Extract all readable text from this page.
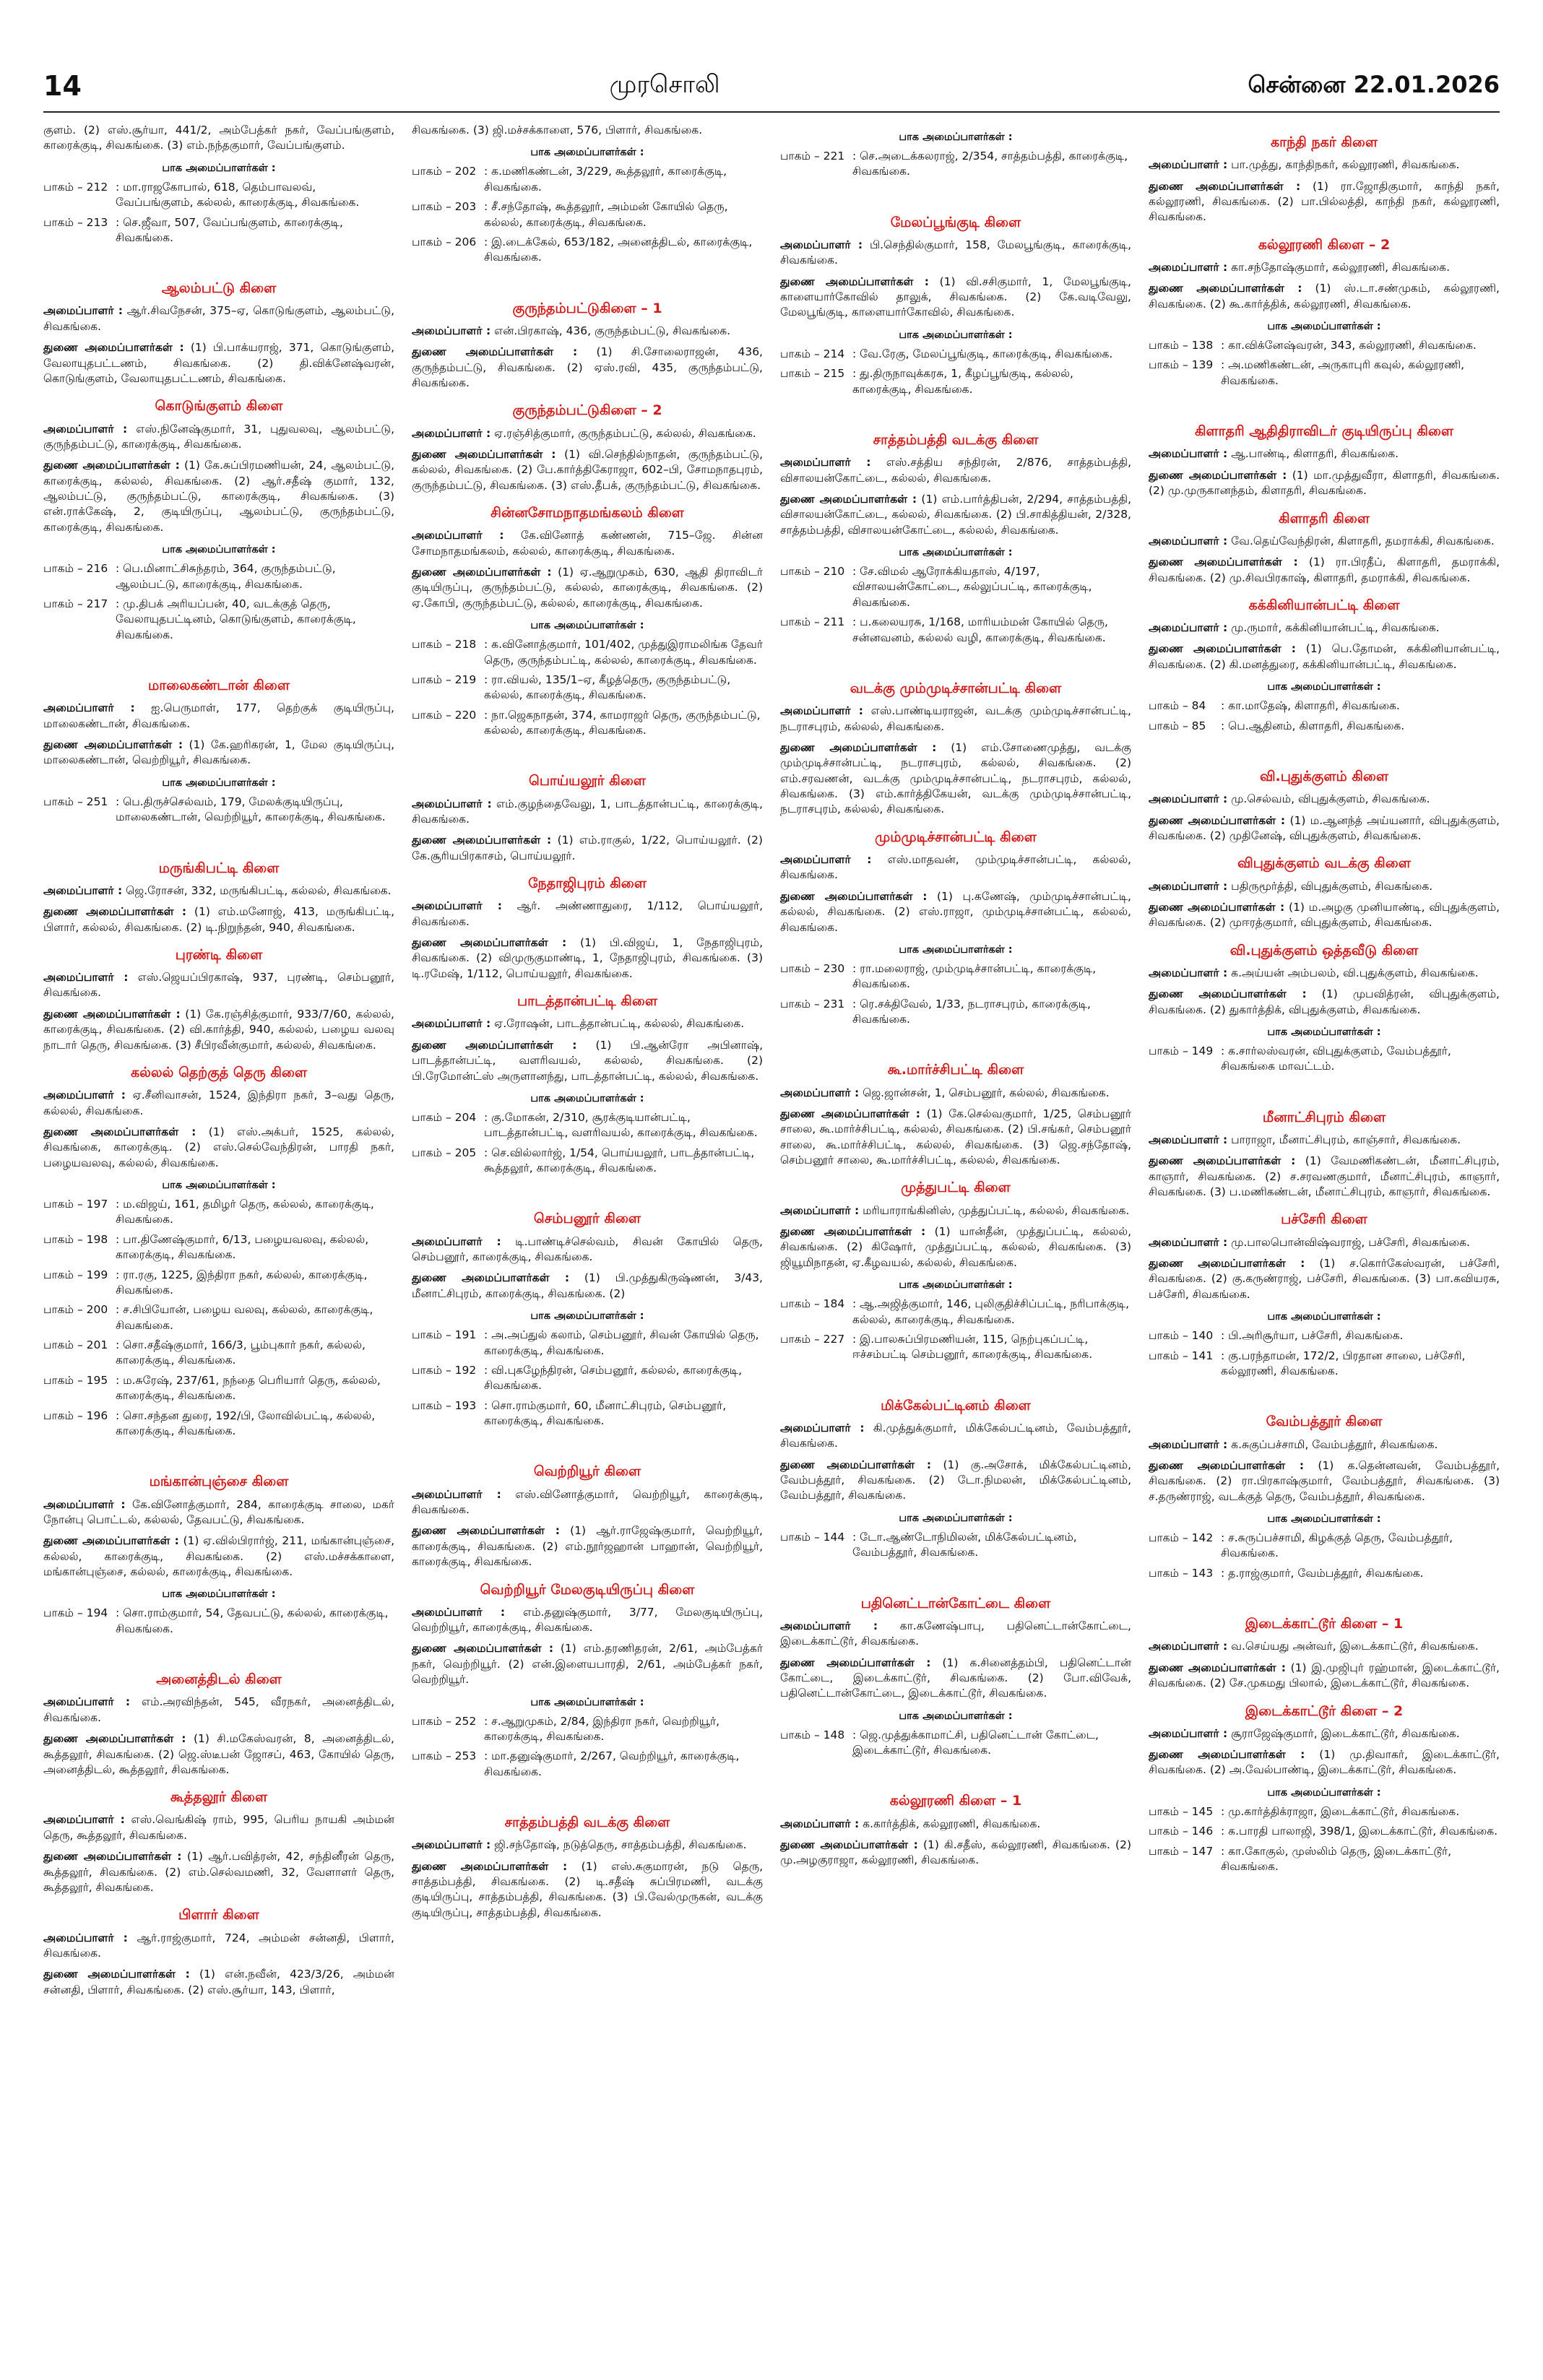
14	முரசொலி	சென்னை 22.01.2026

குளம். (2) எஸ்.சூர்யா, 441/2, அம்பேத்கர் நகர், வேப்பங்குளம், காரைக்குடி, சிவகங்கை. (3) எம்.நந்தகுமார், வேப்பங்குளம்.

பாக அமைப்பாளர்கள் :
பாகம் – 212 : மா.ராஜகோபால், 618, தெம்பாவலவ், வேப்பங்குளம், கல்லல், காரைக்குடி, சிவகங்கை.
பாகம் – 213 : செ.ஜீவா, 507, வேப்பங்குளம், காரைக்குடி, சிவகங்கை.
ஆலம்பட்டு கிளை

அமைப்பாளர் : ஆர்.சிவநேசன், 375–ஏ, கொடுங்குளம், ஆலம்பட்டு, சிவகங்கை.

துணை அமைப்பாளர்கள் : (1) பி.பாக்யராஜ், 371, கொடுங்குளம், வேலாயுதபட்டணம், சிவகங்கை. (2) தி.விக்னேஷ்வரன், கொடுங்குளம், வேலாயுதபட்டணம், சிவகங்கை.

கொடுங்குளம் கிளை

அமைப்பாளர் : எஸ்.நினேஷ்குமார், 31, புதுவலவு, ஆலம்பட்டு, குருந்தம்பட்டு, காரைக்குடி, சிவகங்கை.

துணை அமைப்பாளர்கள் : (1) கே.சுப்பிரமணியன், 24, ஆலம்பட்டு, காரைக்குடி, கல்லல், சிவகங்கை. (2) ஆர்.சதீஷ் குமார், 132, ஆலம்பட்டு, குருந்தம்பட்டு, காரைக்குடி, சிவகங்கை. (3) என்.ராக்கேஷ், 2, குடியிருப்பு, ஆலம்பட்டு, குருந்தம்பட்டு, காரைக்குடி, சிவகங்கை.

பாக அமைப்பாளர்கள் :
பாகம் – 216 : பெ.மினாட்சிசுந்தரம், 364, குருந்தம்பட்டு, ஆலம்பட்டு, காரைக்குடி, சிவகங்கை.
பாகம் – 217 : மு.திபக் அரியப்பன், 40, வடக்குத் தெரு, வேலாயுதபட்டினம், கொடுங்குளம், காரைக்குடி, சிவகங்கை.
மாலைகண்டான் கிளை

அமைப்பாளர் : ஐ.பெருமாள், 177, தெற்குக் குடியிருப்பு, மாலைகண்டான், சிவகங்கை.

துணை அமைப்பாளர்கள் : (1) கே.ஹரிகரன், 1, மேல குடியிருப்பு, மாலைகண்டான், வெற்றியூர், சிவகங்கை.

பாக அமைப்பாளர்கள் :
பாகம் – 251 : பெ.திருச்செல்வம், 179, மேலக்குடியிருப்பு, மாலைகண்டான், வெற்றியூர், காரைக்குடி, சிவகங்கை.
மருங்கிபட்டி கிளை

அமைப்பாளர் : ஜெ.ரோசன், 332, மருங்கிபட்டி, கல்லல், சிவகங்கை.

துணை அமைப்பாளர்கள் : (1) எம்.மனோஜ், 413, மருங்கிபட்டி, பிளார், கல்லல், சிவகங்கை. (2) டி.நிறுந்தன், 940, சிவகங்கை.

புரண்டி கிளை

அமைப்பாளர் : எஸ்.ஜெயப்பிரகாஷ், 937, புரண்டி, செம்பனூர், சிவகங்கை.

துணை அமைப்பாளர்கள் : (1) கே.ரஞ்சித்குமார், 933/7/60, கல்லல், காரைக்குடி, சிவகங்கை. (2) வி.கார்த்தி, 940, கல்லல், பழைய வலவு நாடார் தெரு, சிவகங்கை. (3) சீபிரவீன்குமார், கல்லல், சிவகங்கை.

கல்லல் தெற்குத் தெரு கிளை

அமைப்பாளர் : ஏ.சீனிவாசன், 1524, இந்திரா நகர், 3–வது தெரு, கல்லல், சிவகங்கை.

துணை அமைப்பாளர்கள் : (1) எஸ்.அக்பர், 1525, கல்லல், சிவகங்கை, காரைக்குடி. (2) எஸ்.செல்வேந்திரன், பாரதி நகர், பழையவலவு, கல்லல், சிவகங்கை.

பாக அமைப்பாளர்கள் :
பாகம் – 197 : ம.விஜய், 161, தமிழர் தெரு, கல்லல், காரைக்குடி, சிவகங்கை.
பாகம் – 198 : பா.திணேஷ்குமார், 6/13, பழையவலவு, கல்லல், காரைக்குடி, சிவகங்கை.
பாகம் – 199 : ரா.ரகு, 1225, இந்திரா நகர், கல்லல், காரைக்குடி, சிவகங்கை.
பாகம் – 200 : ச.சிபியோன், பழைய வலவு, கல்லல், காரைக்குடி, சிவகங்கை.
பாகம் – 201 : சொ.சதீஷ்குமார், 166/3, பூம்புகார் நகர், கல்லல், காரைக்குடி, சிவகங்கை.
பாகம் – 195 : ம.சுரேஷ், 237/61, நந்தை பெரியார் தெரு, கல்லல், காரைக்குடி, சிவகங்கை.
பாகம் – 196 : சொ.சந்தன துரை, 192/பி, லோவில்பட்டி, கல்லல், காரைக்குடி, சிவகங்கை.
மங்கான்புஞ்சை கிளை

அமைப்பாளர் : கே.வினோத்குமார், 284, காரைக்குடி சாலை, மகர் நோன்பு பொட்டல், கல்லல், தேவபட்டு, சிவகங்கை.

துணை அமைப்பாளர்கள் : (1) ஏ.வில்பிரார்ஜ், 211, மங்கான்புஞ்சை, கல்லல், காரைக்குடி, சிவகங்கை. (2) எஸ்.மச்சக்காளை, மங்கான்புஞ்சை, கல்லல், காரைக்குடி, சிவகங்கை.

பாக அமைப்பாளர்கள் :
பாகம் – 194 : சொ.ராம்குமார், 54, தேவபட்டு, கல்லல், காரைக்குடி, சிவகங்கை.
அனைத்திடல் கிளை

அமைப்பாளர் : எம்.அரவிந்தன், 545, வீரநகர், அனைத்திடல், சிவகங்கை.

துணை அமைப்பாளர்கள் : (1) சி.மகேஸ்வரன், 8, அனைத்திடல், கூத்தலூர், சிவகங்கை. (2) ஜெ.ஸ்டீபன் ஜோசப், 463, கோயில் தெரு, அனைத்திடல், கூத்தலூர், சிவகங்கை.

கூத்தலூர் கிளை

அமைப்பாளர் : எஸ்.வெங்கிஷ் ராம், 995, பெரிய நாயகி அம்மன் தெரு, கூத்தலூர், சிவகங்கை.

துணை அமைப்பாளர்கள் : (1) ஆர்.பவித்ரன், 42, சந்தினீரன் தெரு, கூத்தலூர், சிவகங்கை. (2) எம்.செல்வமணி, 32, வேளாளர் தெரு, கூத்தலூர், சிவகங்கை.

பிளார் கிளை

அமைப்பாளர் : ஆர்.ராஜ்குமார், 724, அம்மன் சன்னதி, பிளார், சிவகங்கை.

துணை அமைப்பாளர்கள் : (1) என்.நவீன், 423/3/26, அம்மன் சன்னதி, பிளார், சிவகங்கை. (2) எஸ்.சூர்யா, 143, பிளார்,

சிவகங்கை. (3) ஜி.மச்சக்காளை, 576, பிளார், சிவகங்கை.

பாக அமைப்பாளர்கள் :
பாகம் – 202 : க.மணிகண்டன், 3/229, கூத்தலூர், காரைக்குடி, சிவகங்கை.
பாகம் – 203 : சீ.சந்தோஷ், கூத்தலூர், அம்மன் கோயில் தெரு, கல்லல், காரைக்குடி, சிவகங்கை.
பாகம் – 206 : இ.டைக்கேல், 653/182, அனைத்திடல், காரைக்குடி, சிவகங்கை.
குருந்தம்பட்டுகிளை – 1

அமைப்பாளர் : என்.பிரகாஷ், 436, குருந்தம்பட்டு, சிவகங்கை.

துணை அமைப்பாளர்கள் : (1) சி.சோலைராஜன், 436, குருந்தம்பட்டு, சிவகங்கை. (2) ஏஸ்.ரவி, 435, குருந்தம்பட்டு, சிவகங்கை.

குருந்தம்பட்டுகிளை – 2

அமைப்பாளர் : ஏ.ரஞ்சித்குமார், குருந்தம்பட்டு, கல்லல், சிவகங்கை.

துணை அமைப்பாளர்கள் : (1) வி.செந்தில்நாதன், குருந்தம்பட்டு, கல்லல், சிவகங்கை. (2) பே.கார்த்திகேராஜா, 602–பி, சோமநாதபுரம், குருந்தம்பட்டு, சிவகங்கை. (3) எஸ்.தீபக், குருந்தம்பட்டு, சிவகங்கை.

சின்னசோமநாதமங்கலம் கிளை

அமைப்பாளர் : கே.வினோத் கண்ணன், 715–ஜே. சின்ன சோமநாதமங்கலம், கல்லல், காரைக்குடி, சிவகங்கை.

துணை அமைப்பாளர்கள் : (1) ஏ.ஆறுமுகம், 630, ஆதி திராவிடர் குடியிருப்பு, குருந்தம்பட்டு, கல்லல், காரைக்குடி, சிவகங்கை. (2) ஏ.கோபி, குருந்தம்பட்டு, கல்லல், காரைக்குடி, சிவகங்கை.

பாக அமைப்பாளர்கள் :
பாகம் – 218 : க.வினோத்குமார், 101/402, முத்துஇராமலிங்க தேவர் தெரு, குருந்தம்பட்டி, கல்லல், காரைக்குடி, சிவகங்கை.
பாகம் – 219 : ரா.வியல், 135/1–ஏ, கீழத்தெரு, குருந்தம்பட்டு, கல்லல், காரைக்குடி, சிவகங்கை.
பாகம் – 220 : நா.ஜெகநாதன், 374, காமராஜர் தெரு, குருந்தம்பட்டு, கல்லல், காரைக்குடி, சிவகங்கை.
பொய்யலூர் கிளை

அமைப்பாளர் : எம்.குழந்தைவேலு, 1, பாடத்தான்பட்டி, காரைக்குடி, சிவகங்கை.

துணை அமைப்பாளர்கள் : (1) எம்.ராகுல், 1/22, பொய்யலூர். (2) கே.சூரியபிரகாசம், பொய்யலூர்.

நேதாஜிபுரம் கிளை

அமைப்பாளர் : ஆர். அண்ணாதுரை, 1/112, பொய்யலூர், சிவகங்கை.

துணை அமைப்பாளர்கள் : (1) பி.விஜய், 1, நேதாஜிபுரம், சிவகங்கை. (2) விமுருகுமாண்டி, 1, நேதாஜிபுரம், சிவகங்கை. (3) டி.ரமேஷ், 1/112, பொய்யலூர், சிவகங்கை.

பாடத்தான்பட்டி கிளை

அமைப்பாளர் : ஏ.ரோஷன், பாடத்தான்பட்டி, கல்லல், சிவகங்கை.

துணை அமைப்பாளர்கள் : (1) பி.ஆன்ரோ அபினாஷ், பாடத்தான்பட்டி, வளரிவயல், கல்லல், சிவகங்கை. (2) பி.ரேமோன்ட்ஸ் அருளானந்து, பாடத்தான்பட்டி, கல்லல், சிவகங்கை.

பாக அமைப்பாளர்கள் :
பாகம் – 204 : கு.மோகன், 2/310, சூரக்குடியான்பட்டி, பாடத்தான்பட்டி, வளரிவயல், காரைக்குடி, சிவகங்கை.
பாகம் – 205 : செ.வில்லார்ஜ், 1/54, பொய்யலூர், பாடத்தான்பட்டி, கூத்தலூர், காரைக்குடி, சிவகங்கை.
செம்பனூர் கிளை

அமைப்பாளர் : டி.பாண்டிச்செல்வம், சிவன் கோயில் தெரு, செம்பனூர், காரைக்குடி, சிவகங்கை.

துணை அமைப்பாளர்கள் : (1) பி.முத்துகிருஷ்ணன், 3/43, மீனாட்சிபுரம், காரைக்குடி, சிவகங்கை. (2)

பாக அமைப்பாளர்கள் :
பாகம் – 191 : அ.அப்துல் கலாம், செம்பனூர், சிவன் கோயில் தெரு, காரைக்குடி, சிவகங்கை.
பாகம் – 192 : வி.புகழேந்திரன், செம்பனூர், கல்லல், காரைக்குடி, சிவகங்கை.
பாகம் – 193 : சொ.ராம்குமார், 60, மீனாட்சிபுரம், செம்பனூர், காரைக்குடி, சிவகங்கை.
வெற்றியூர் கிளை

அமைப்பாளர் : எஸ்.வினோத்குமார், வெற்றியூர், காரைக்குடி, சிவகங்கை.

துணை அமைப்பாளர்கள் : (1) ஆர்.ராஜேஷ்குமார், வெற்றியூர், காரைக்குடி, சிவகங்கை. (2) எம்.நூர்ஜஹான் பாஹான், வெற்றியூர், காரைக்குடி, சிவகங்கை.

வெற்றியூர் மேலகுடியிருப்பு கிளை

அமைப்பாளர் : எம்.தனுஷ்குமார், 3/77, மேலகுடியிருப்பு, வெற்றியூர், காரைக்குடி, சிவகங்கை.

துணை அமைப்பாளர்கள் : (1) எம்.தரணிதரன், 2/61, அம்பேத்கர் நகர், வெற்றியூர். (2) என்.இளையபாரதி, 2/61, அம்பேத்கர் நகர், வெற்றியூர்.

பாக அமைப்பாளர்கள் :
பாகம் – 252 : ச.ஆறுமுகம், 2/84, இந்திரா நகர், வெற்றியூர், காரைக்குடி, சிவகங்கை.
பாகம் – 253 : மா.தனுஷ்குமார், 2/267, வெற்றியூர், காரைக்குடி, சிவகங்கை.
சாத்தம்பத்தி வடக்கு கிளை

அமைப்பாளர் : ஜி.சந்தோஷ், நடுத்தெரு, சாத்தம்பத்தி, சிவகங்கை.

துணை அமைப்பாளர்கள் : (1) எஸ்.சுகுமாரன், நடு தெரு, சாத்தம்பத்தி, சிவகங்கை. (2) டி.சதீஷ் சுப்பிரமணி, வடக்கு குடியிருப்பு, சாத்தம்பத்தி, சிவகங்கை. (3) பி.வேல்முருகன், வடக்கு குடியிருப்பு, சாத்தம்பத்தி, சிவகங்கை.

பாக அமைப்பாளர்கள் :
பாகம் – 221 : செ.அடைக்கலராஜ், 2/354, சாத்தம்பத்தி, காரைக்குடி, சிவகங்கை.
மேலப்பூங்குடி கிளை

அமைப்பாளர் : பி.செந்தில்குமார், 158, மேலபூங்குடி, காரைக்குடி, சிவகங்கை.

துணை அமைப்பாளர்கள் : (1) வி.சசிகுமார், 1, மேலபூங்குடி, காளையார்கோவில் தாலுக், சிவகங்கை. (2) கே.வடிவேலு, மேலபூங்குடி, காளையார்கோவில், சிவகங்கை.

பாக அமைப்பாளர்கள் :
பாகம் – 214 : வே.ரேகு, மேலப்பூங்குடி, காரைக்குடி, சிவகங்கை.
பாகம் – 215 : து.திருநாவுக்கரசு, 1, கீழப்பூங்குடி, கல்லல், காரைக்குடி, சிவகங்கை.
சாத்தம்பத்தி வடக்கு கிளை

அமைப்பாளர் : எஸ்.சத்திய சந்திரன், 2/876, சாத்தம்பத்தி, விசாலயன்கோட்டை, கல்லல், சிவகங்கை.

துணை அமைப்பாளர்கள் : (1) எம்.பார்த்திபன், 2/294, சாத்தம்பத்தி, விசாலயன்கோட்டை, கல்லல், சிவகங்கை. (2) பி.சாகித்தியன், 2/328, சாத்தம்பத்தி, விசாலயன்கோட்டை, கல்லல், சிவகங்கை.

பாக அமைப்பாளர்கள் :
பாகம் – 210 : சே.விமல் ஆரோக்கியதாஸ், 4/197, விசாலயன்கோட்டை, கல்லுப்பட்டி, காரைக்குடி, சிவகங்கை.
பாகம் – 211 : ப.கலையரசு, 1/168, மாரியம்மன் கோயில் தெரு, சன்னவனம், கல்லல் வழி, காரைக்குடி, சிவகங்கை.
வடக்கு மும்முடிச்சான்பட்டி கிளை

அமைப்பாளர் : எஸ்.பாண்டியராஜன், வடக்கு மும்முடிச்சான்பட்டி, நடராசபுரம், கல்லல், சிவகங்கை.

துணை அமைப்பாளர்கள் : (1) எம்.சோணைமுத்து, வடக்கு மும்முடிச்சான்பட்டி, நடராசபுரம், கல்லல், சிவகங்கை. (2) எம்.சரவணன், வடக்கு மும்முடிச்சான்பட்டி, நடராசபுரம், கல்லல், சிவகங்கை. (3) எம்.கார்த்திகேயன், வடக்கு மும்முடிச்சான்பட்டி, நடராசபுரம், கல்லல், சிவகங்கை.

மும்முடிச்சான்பட்டி கிளை

அமைப்பாளர் : எஸ்.மாதவன், மும்முடிச்சான்பட்டி, கல்லல், சிவகங்கை.

துணை அமைப்பாளர்கள் : (1) பு.கணேஷ், மும்முடிச்சான்பட்டி, கல்லல், சிவகங்கை. (2) எஸ்.ராஜா, மும்முடிச்சான்பட்டி, கல்லல், சிவகங்கை.

பாக அமைப்பாளர்கள் :
பாகம் – 230 : ரா.மலைராஜ், மும்முடிச்சான்பட்டி, காரைக்குடி, சிவகங்கை.
பாகம் – 231 : ரெ.சக்திவேல், 1/33, நடராசபுரம், காரைக்குடி, சிவகங்கை.
கூ.மார்ச்சிபட்டி கிளை

அமைப்பாளர் : ஜெ.ஜான்சன், 1, செம்பனூர், கல்லல், சிவகங்கை.

துணை அமைப்பாளர்கள் : (1) கே.செல்வகுமார், 1/25, செம்பனூர் சாலை, கூ.மார்ச்சிபட்டி, கல்லல், சிவகங்கை. (2) பி.சங்கர், செம்பனூர் சாலை, கூ.மார்ச்சிபட்டி, கல்லல், சிவகங்கை. (3) ஜெ.சந்தோஷ், செம்பனூர் சாலை, கூ.மார்ச்சிபட்டி, கல்லல், சிவகங்கை.

முத்துபட்டி கிளை

அமைப்பாளர் : மரியாராங்கினிஸ், முத்துப்பட்டி, கல்லல், சிவகங்கை.

துணை அமைப்பாளர்கள் : (1) யான்தீன், முத்துப்பட்டி, கல்லல், சிவகங்கை. (2) கிஷோர், முத்துப்பட்டி, கல்லல், சிவகங்கை. (3) ஜியூமிநாதன், ஏ.கீழவயல், கல்லல், சிவகங்கை.

பாக அமைப்பாளர்கள் :
பாகம் – 184 : ஆ.அஜித்குமார், 146, புலிகுதிச்சிப்பட்டி, நரிபாக்குடி, கல்லல், காரைக்குடி, சிவகங்கை.
பாகம் – 227 : இ.பாலசுப்பிரமணியன், 115, நெற்புகப்பட்டி, ஈச்சம்பட்டி செம்பனூர், காரைக்குடி, சிவகங்கை.
மிக்கேல்பட்டினம் கிளை

அமைப்பாளர் : கி.முத்துக்குமார், மிக்கேல்பட்டினம், வேம்பத்தூர், சிவகங்கை.

துணை அமைப்பாளர்கள் : (1) கு.அசோக், மிக்கேல்பட்டினம், வேம்பத்தூர், சிவகங்கை. (2) டோ.நிமலன், மிக்கேல்பட்டினம், வேம்பத்தூர், சிவகங்கை.

பாக அமைப்பாளர்கள் :
பாகம் – 144 : டோ.ஆண்டோநிமிலன், மிக்கேல்பட்டினம், வேம்பத்தூர், சிவகங்கை.
பதினெட்டான்கோட்டை கிளை

அமைப்பாளர் : கா.கணேஷ்பாபு, பதினெட்டான்கோட்டை, இடைக்காட்டூர், சிவகங்கை.

துணை அமைப்பாளர்கள் : (1) க.சினைத்தம்பி, பதினெட்டான் கோட்டை, இடைக்காட்டூர், சிவகங்கை. (2) போ.விவேக், பதினெட்டான்கோட்டை, இடைக்காட்டூர், சிவகங்கை.

பாக அமைப்பாளர்கள் :
பாகம் – 148 : ஜெ.முத்துக்காமாட்சி, பதினெட்டான் கோட்டை, இடைக்காட்டூர், சிவகங்கை.
கல்லூரணி கிளை – 1

அமைப்பாளர் : க.கார்த்திக், கல்லூரணி, சிவகங்கை.

துணை அமைப்பாளர்கள் : (1) கி.சதீஸ், கல்லூரணி, சிவகங்கை. (2) மு.அழகுராஜா, கல்லூரணி, சிவகங்கை.

காந்தி நகர் கிளை

அமைப்பாளர் : பா.முத்து, காந்திநகர், கல்லூரணி, சிவகங்கை.

துணை அமைப்பாளர்கள் : (1) ரா.ஜோதிகுமார், காந்தி நகர், கல்லூரணி, சிவகங்கை. (2) பா.பில்லத்தி, காந்தி நகர், கல்லூரணி, சிவகங்கை.

கல்லூரணி கிளை – 2

அமைப்பாளர் : கா.சந்தோஷ்குமார், கல்லூரணி, சிவகங்கை.

துணை அமைப்பாளர்கள் : (1) ஸ்.டா.சண்முகம், கல்லூரணி, சிவகங்கை. (2) கூ.கார்த்திக், கல்லூரணி, சிவகங்கை.

பாக அமைப்பாளர்கள் :
பாகம் – 138 : கா.விக்னேஷ்வரன், 343, கல்லூரணி, சிவகங்கை.
பாகம் – 139 : அ.மணிகண்டன், அருகாபுரி கவுல், கல்லூரணி, சிவகங்கை.
கிளாதரி ஆதிதிராவிடர் குடியிருப்பு கிளை

அமைப்பாளர் : ஆ.பாண்டி, கிளாதரி, சிவகங்கை.

துணை அமைப்பாளர்கள் : (1) மா.முத்துவீரா, கிளாதரி, சிவகங்கை. (2) மு.முருகானந்தம், கிளாதரி, சிவகங்கை.

கிளாதரி கிளை

அமைப்பாளர் : வே.தெய்வேந்திரன், கிளாதரி, தமராக்கி, சிவகங்கை.

துணை அமைப்பாளர்கள் : (1) ரா.பிரதீப், கிளாதரி, தமராக்கி, சிவகங்கை. (2) மு.சிவபிரகாஷ், கிளாதரி, தமராக்கி, சிவகங்கை.

கக்கினியான்பட்டி கிளை

அமைப்பாளர் : மு.ருமார், கக்கினியான்பட்டி, சிவகங்கை.

துணை அமைப்பாளர்கள் : (1) பெ.தோமன், கக்கினியான்பட்டி, சிவகங்கை. (2) கி.மனத்துரை, கக்கினியான்பட்டி, சிவகங்கை.

பாக அமைப்பாளர்கள் :
பாகம் – 84	: கா.மாதேஷ், கிளாதரி, சிவகங்கை.
பாகம் – 85	: பெ.ஆதினம், கிளாதரி, சிவகங்கை.
வி.புதுக்குளம் கிளை

அமைப்பாளர் : மு.செல்வம், விபுதுக்குளம், சிவகங்கை.

துணை அமைப்பாளர்கள் : (1) ம.ஆனந்த் அய்யனார், விபுதுக்குளம், சிவகங்கை. (2) முதினேஷ், விபுதுக்குளம், சிவகங்கை.

விபுதுக்குளம் வடக்கு கிளை

அமைப்பாளர் : பதிருமூர்த்தி, விபுதுக்குளம், சிவகங்கை.

துணை அமைப்பாளர்கள் : (1) ம.அழகு முனியாண்டி, விபுதுக்குளம், சிவகங்கை. (2) முஈரத்குமார், விபுதுக்குளம், சிவகங்கை.

வி.புதுக்குளம் ஒத்தவீடு கிளை

அமைப்பாளர் : க.அய்யன் அம்பலம், வி.புதுக்குளம், சிவகங்கை.

துணை அமைப்பாளர்கள் : (1) முபவித்ரன், விபுதுக்குளம், சிவகங்கை. (2) துகார்த்திக், விபுதுக்குளம், சிவகங்கை.

பாக அமைப்பாளர்கள் :
பாகம் – 149 : க.சார்லஸ்வரன், விபுதுக்குளம், வேம்பத்தூர், சிவகங்கை மாவட்டம்.
மீனாட்சிபுரம் கிளை

அமைப்பாளர் : பாராஜா, மீனாட்சிபுரம், காஞ்சார், சிவகங்கை.

துணை அமைப்பாளர்கள் : (1) வேமணிகண்டன், மீனாட்சிபுரம், காஞார், சிவகங்கை. (2) ச.சரவணகுமார், மீனாட்சிபுரம், காஞார், சிவகங்கை. (3) ப.மணிகண்டன், மீனாட்சிபுரம், காஞார், சிவகங்கை.

பச்சேரி கிளை

அமைப்பாளர் : மு.பாலபொன்விஷ்வராஜ், பச்சேரி, சிவகங்கை.

துணை அமைப்பாளர்கள் : (1) ச.கொர்கேஸ்வரன், பச்சேரி, சிவகங்கை. (2) கு.கருண்ராஜ், பச்சேரி, சிவகங்கை. (3) பா.கவியரசு, பச்சேரி, சிவகங்கை.

பாக அமைப்பாளர்கள் :
பாகம் – 140 : பி.அரிசூர்யா, பச்சேரி, சிவகங்கை.
பாகம் – 141 : கு.பரந்தாமன், 172/2, பிரதான சாலை, பச்சேரி, கல்லூரணி, சிவகங்கை.
வேம்பத்தூர் கிளை

அமைப்பாளர் : க.சுகுப்பச்சாமி, வேம்பத்தூர், சிவகங்கை.

துணை அமைப்பாளர்கள் : (1) க.தென்னவன், வேம்பத்தூர், சிவகங்கை. (2) ரா.பிரகாஷ்குமார், வேம்பத்தூர், சிவகங்கை. (3) ச.தருண்ராஜ், வடக்குத் தெரு, வேம்பத்தூர், சிவகங்கை.

பாக அமைப்பாளர்கள் :
பாகம் – 142 : ச.சுருப்பச்சாமி, கிழக்குத் தெரு, வேம்பத்தூர், சிவகங்கை.
பாகம் – 143 : த.ராஜ்குமார், வேம்பத்தூர், சிவகங்கை.
இடைக்காட்டூர் கிளை – 1

அமைப்பாளர் : வ.செய்யது அன்வர், இடைக்காட்டூர், சிவகங்கை.

துணை அமைப்பாளர்கள் : (1) இ.முஜிபுர் ரஹ்மான், இடைக்காட்டூர், சிவகங்கை. (2) சே.முகமது பிலால், இடைக்காட்டூர், சிவகங்கை.

இடைக்காட்டூர் கிளை – 2

அமைப்பாளர் : சூராஜேஷ்குமார், இடைக்காட்டூர், சிவகங்கை.

துணை அமைப்பாளர்கள் : (1) மு.திவாகர், இடைக்காட்டூர், சிவகங்கை. (2) அ.வேல்பாண்டி, இடைக்காட்டூர், சிவகங்கை.

பாக அமைப்பாளர்கள் :
பாகம் – 145 : மு.கார்த்திக்ராஜா, இடைக்காட்டூர், சிவகங்கை.
பாகம் – 146 : க.பாரதி பாலாஜி, 398/1, இடைக்காட்டூர், சிவகங்கை.
பாகம் – 147 : கா.கோகுல், முஸ்லிம் தெரு, இடைக்காட்டூர், சிவகங்கை.
